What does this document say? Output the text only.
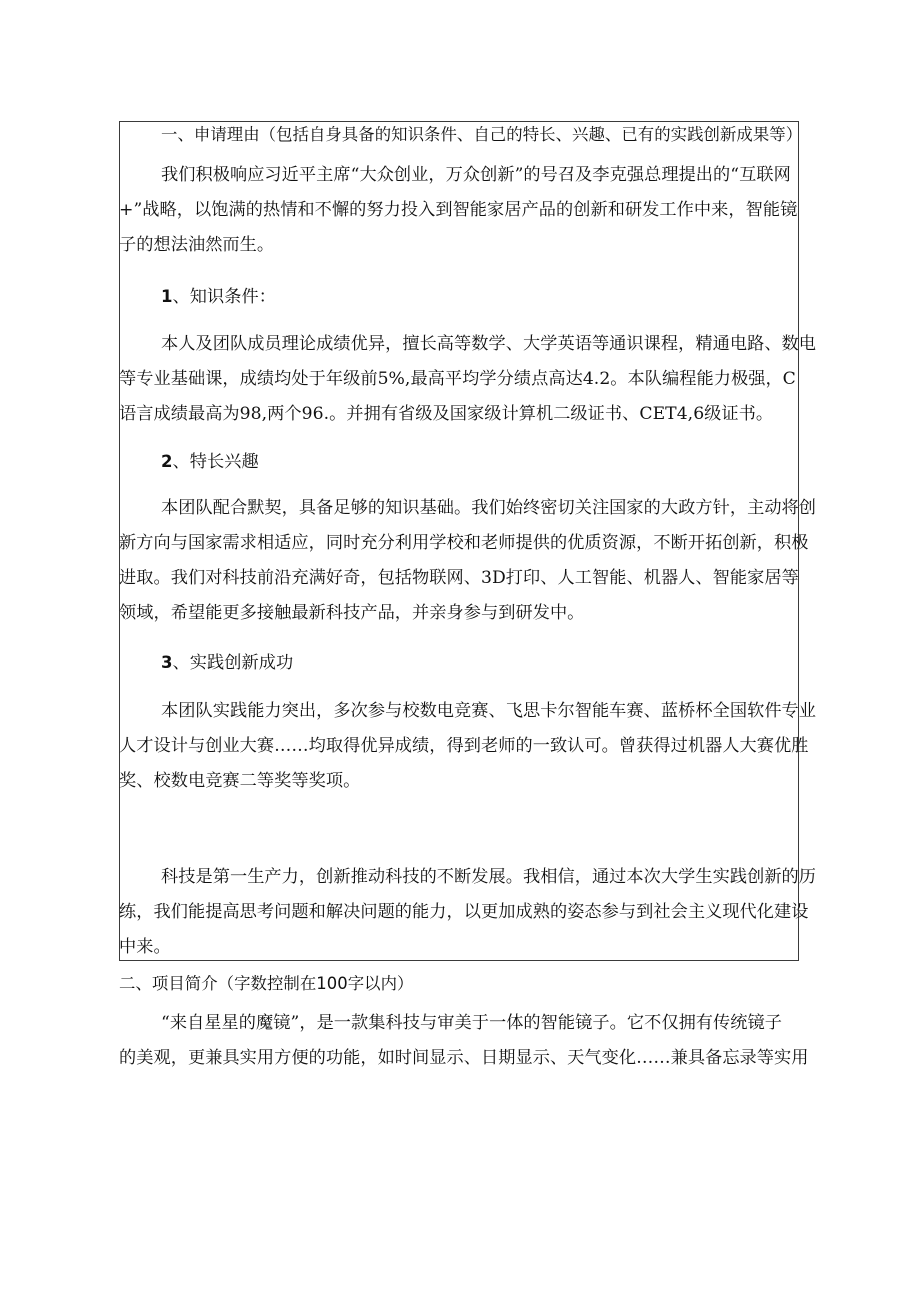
一、申请理由（包括自身具备的知识条件、自己的特长、兴趣、已有的实践创新成果等）
我们积极响应习近平主席“大众创业，万众创新”的号召及李克强总理提出的“互联网
+”战略，以饱满的热情和不懈的努力投入到智能家居产品的创新和研发工作中来，智能镜
子的想法油然而生。
1、知识条件：
本人及团队成员理论成绩优异，擅长高等数学、大学英语等通识课程，精通电路、数电
等专业基础课，成绩均处于年级前5%,最高平均学分绩点高达4.2。本队编程能力极强，C
语言成绩最高为98,两个96.。并拥有省级及国家级计算机二级证书、CET4,6级证书。
2、特长兴趣
本团队配合默契，具备足够的知识基础。我们始终密切关注国家的大政方针，主动将创
新方向与国家需求相适应，同时充分利用学校和老师提供的优质资源，不断开拓创新，积极
进取。我们对科技前沿充满好奇，包括物联网、3D打印、人工智能、机器人、智能家居等
领域，希望能更多接触最新科技产品，并亲身参与到研发中。
3、实践创新成功
本团队实践能力突出，多次参与校数电竞赛、飞思卡尔智能车赛、蓝桥杯全国软件专业
人才设计与创业大赛……均取得优异成绩，得到老师的一致认可。曾获得过机器人大赛优胜
奖、校数电竞赛二等奖等奖项。
科技是第一生产力，创新推动科技的不断发展。我相信，通过本次大学生实践创新的历
练，我们能提高思考问题和解决问题的能力，以更加成熟的姿态参与到社会主义现代化建设
中来。
二、项目简介（字数控制在100字以内）
“来自星星的魔镜”，是一款集科技与审美于一体的智能镜子。它不仅拥有传统镜子
的美观，更兼具实用方便的功能，如时间显示、日期显示、天气变化……兼具备忘录等实用
